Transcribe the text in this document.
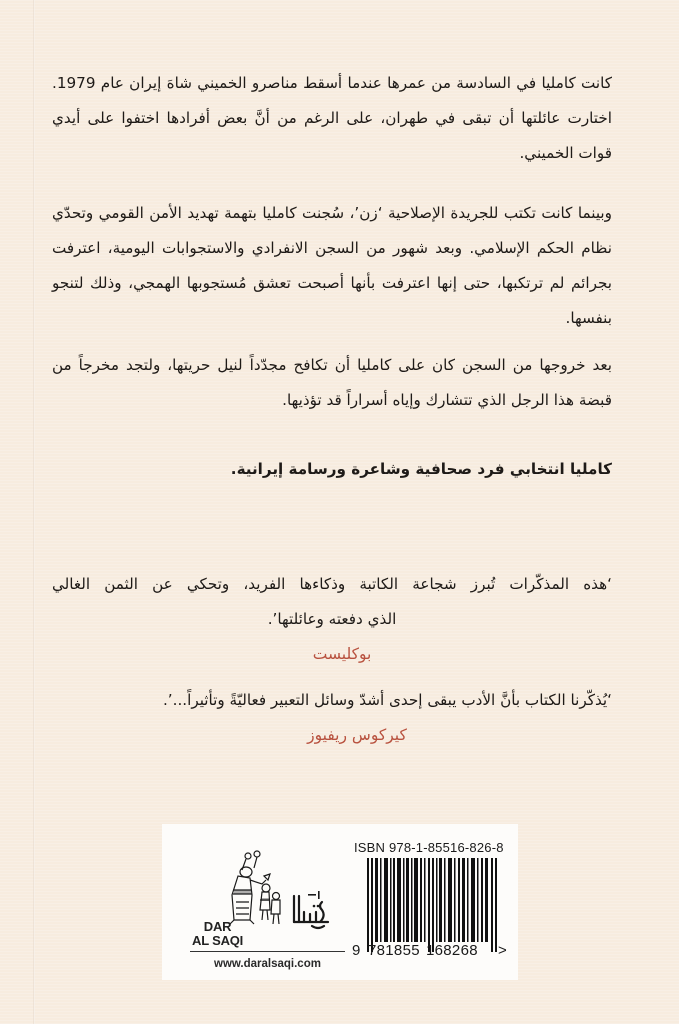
كانت كامليا في السادسة من عمرها عندما أسقط مناصرو الخميني شاهَ إيران عام 1979. اختارت عائلتها أن تبقى في طهران، على الرغم من أنَّ بعض أفرادها اختفوا على أيدي قوات الخميني.

وبينما كانت تكتب للجريدة الإصلاحية ‘زن’، سُجنت كامليا بتهمة تهديد الأمن القومي وتحدّي نظام الحكم الإسلامي. وبعد شهور من السجن الانفرادي والاستجوابات اليومية، اعترفت بجرائم لم ترتكبها، حتى إنها اعترفت بأنها أصبحت تعشق مُستجوبها الهمجي، وذلك لتنجو بنفسها.

بعد خروجها من السجن كان على كامليا أن تكافح مجدّداً لنيل حريتها، ولتجد مخرجاً من قبضة هذا الرجل الذي تتشارك وإياه أسراراً قد تؤذيها.

كامليا انتخابي فرد صحافية وشاعرة ورسامة إيرانية.

‘هذه المذكّرات تُبرز شجاعة الكاتبة وذكاءها الفريد، وتحكي عن الثمن الغالي
الذي دفعته وعائلتها’.
بوكليست
‘يُذكّرنا الكتاب بأنَّ الأدب يبقى إحدى أشدّ وسائل التعبير فعاليّةً وتأثيراً...’.
كيركوس ريفيوز
DAR
AL SAQI
www.daralsaqi.com
ISBN 978-1-85516-826-8
9 781855 168268 >
